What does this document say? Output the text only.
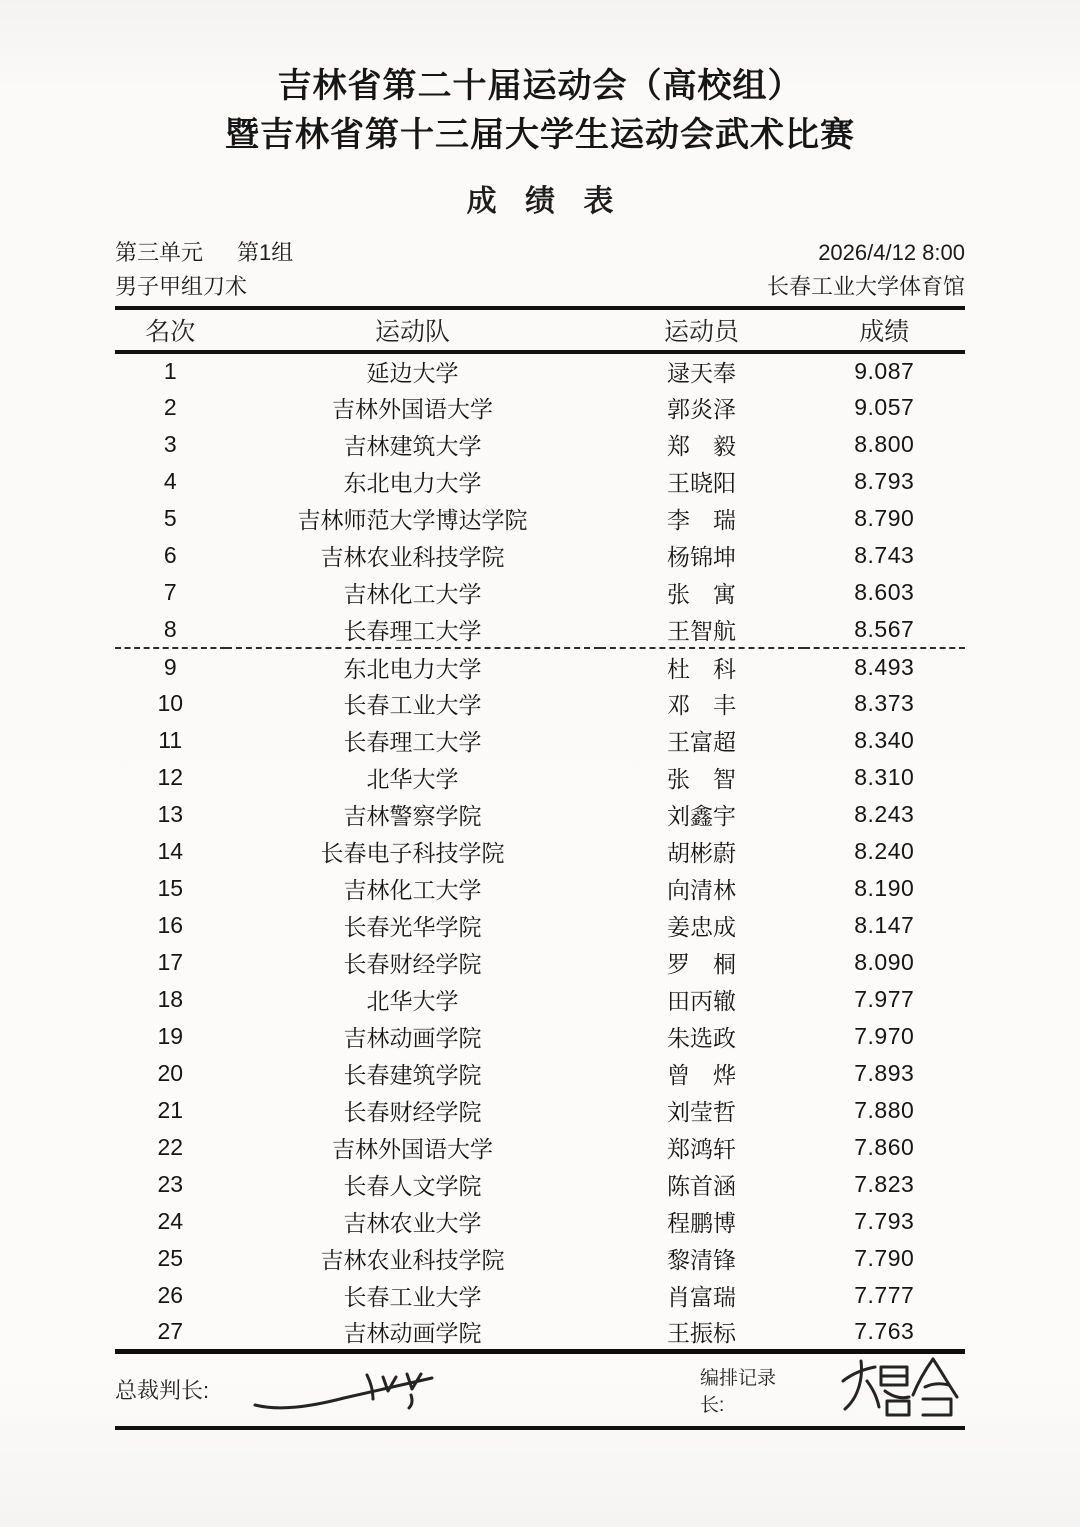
吉林省第二十届运动会（高校组）
暨吉林省第十三届大学生运动会武术比赛
成 绩 表
第三单元 第1组	2026/4/12 8:00
男子甲组刀术	长春工业大学体育馆
名次	运动队	运动员	成绩
1	延边大学	逯天奉	9.087
2	吉林外国语大学	郭炎泽	9.057
3	吉林建筑大学	郑　毅	8.800
4	东北电力大学	王晓阳	8.793
5	吉林师范大学博达学院	李　瑞	8.790
6	吉林农业科技学院	杨锦坤	8.743
7	吉林化工大学	张　寓	8.603
8	长春理工大学	王智航	8.567
9	东北电力大学	杜　科	8.493
10	长春工业大学	邓　丰	8.373
11	长春理工大学	王富超	8.340
12	北华大学	张　智	8.310
13	吉林警察学院	刘鑫宇	8.243
14	长春电子科技学院	胡彬蔚	8.240
15	吉林化工大学	向清林	8.190
16	长春光华学院	姜忠成	8.147
17	长春财经学院	罗　桐	8.090
18	北华大学	田丙辙	7.977
19	吉林动画学院	朱选政	7.970
20	长春建筑学院	曾　烨	7.893
21	长春财经学院	刘莹哲	7.880
22	吉林外国语大学	郑鸿轩	7.860
23	长春人文学院	陈首涵	7.823
24	吉林农业大学	程鹏博	7.793
25	吉林农业科技学院	黎清锋	7.790
26	长春工业大学	肖富瑞	7.777
27	吉林动画学院	王振标	7.763
总裁判长:	编排记录长:
